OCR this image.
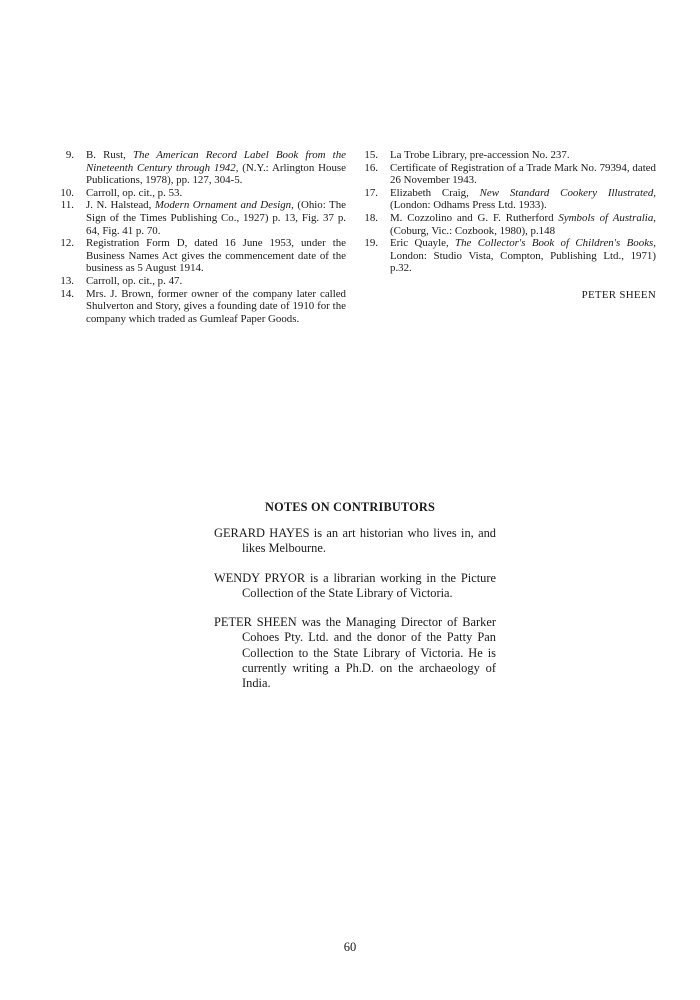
9. B. Rust, The American Record Label Book from the Nineteenth Century through 1942, (N.Y.: Arlington House Publications, 1978), pp. 127, 304-5.
10. Carroll, op. cit., p. 53.
11. J. N. Halstead, Modern Ornament and Design, (Ohio: The Sign of the Times Publishing Co., 1927) p. 13, Fig. 37 p. 64, Fig. 41 p. 70.
12. Registration Form D, dated 16 June 1953, under the Business Names Act gives the commencement date of the business as 5 August 1914.
13. Carroll, op. cit., p. 47.
14. Mrs. J. Brown, former owner of the company later called Shulverton and Story, gives a founding date of 1910 for the company which traded as Gumleaf Paper Goods.
15. La Trobe Library, pre-accession No. 237.
16. Certificate of Registration of a Trade Mark No. 79394, dated 26 November 1943.
17. Elizabeth Craig, New Standard Cookery Illustrated, (London: Odhams Press Ltd. 1933).
18. M. Cozzolino and G. F. Rutherford Symbols of Australia, (Coburg, Vic.: Cozbook, 1980), p.148
19. Eric Quayle, The Collector's Book of Children's Books, London: Studio Vista, Compton, Publishing Ltd., 1971) p.32.
PETER SHEEN
NOTES ON CONTRIBUTORS
GERARD HAYES is an art historian who lives in, and likes Melbourne.
WENDY PRYOR is a librarian working in the Picture Collection of the State Library of Victoria.
PETER SHEEN was the Managing Director of Barker Cohoes Pty. Ltd. and the donor of the Patty Pan Collection to the State Library of Victoria. He is currently writing a Ph.D. on the archaeology of India.
60
